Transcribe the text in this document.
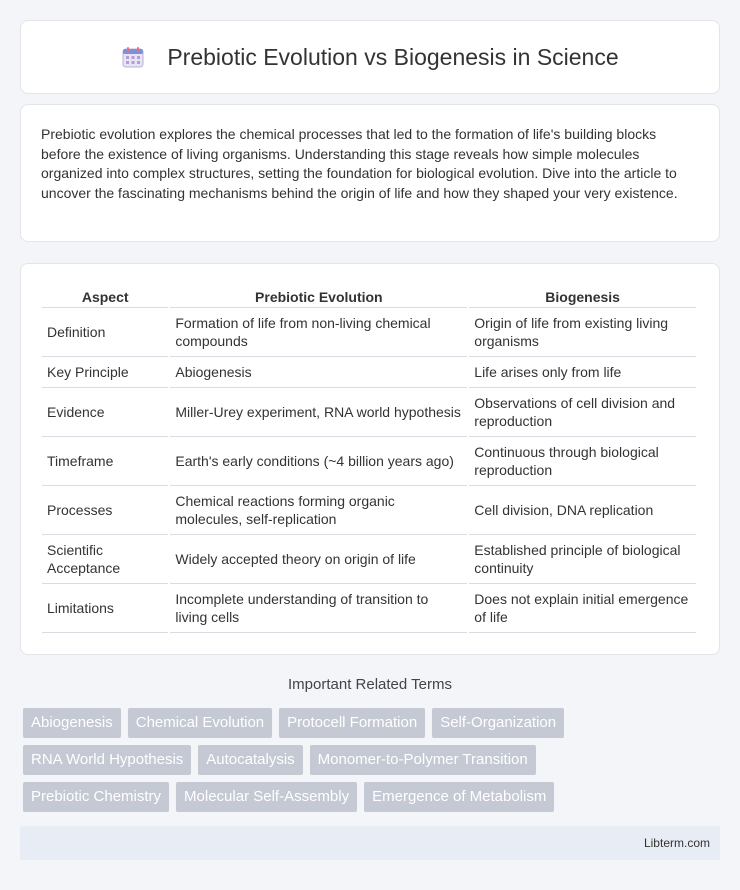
Prebiotic Evolution vs Biogenesis in Science

Prebiotic evolution explores the chemical processes that led to the formation of life's building blocks before the existence of living organisms. Understanding this stage reveals how simple molecules organized into complex structures, setting the foundation for biological evolution. Dive into the article to uncover the fascinating mechanisms behind the origin of life and how they shaped your very existence.

Aspect	Prebiotic Evolution	Biogenesis
Definition	Formation of life from non-living chemical compounds	Origin of life from existing living organisms
Key Principle	Abiogenesis	Life arises only from life
Evidence	Miller-Urey experiment, RNA world hypothesis	Observations of cell division and reproduction
Timeframe	Earth's early conditions (~4 billion years ago)	Continuous through biological reproduction
Processes	Chemical reactions forming organic molecules, self-replication	Cell division, DNA replication
Scientific Acceptance	Widely accepted theory on origin of life	Established principle of biological continuity
Limitations	Incomplete understanding of transition to living cells	Does not explain initial emergence of life
Important Related Terms
Abiogenesis	Chemical Evolution	Protocell Formation	Self-Organization
RNA World Hypothesis	Autocatalysis	Monomer-to-Polymer Transition
Prebiotic Chemistry	Molecular Self-Assembly	Emergence of Metabolism
Libterm.com
